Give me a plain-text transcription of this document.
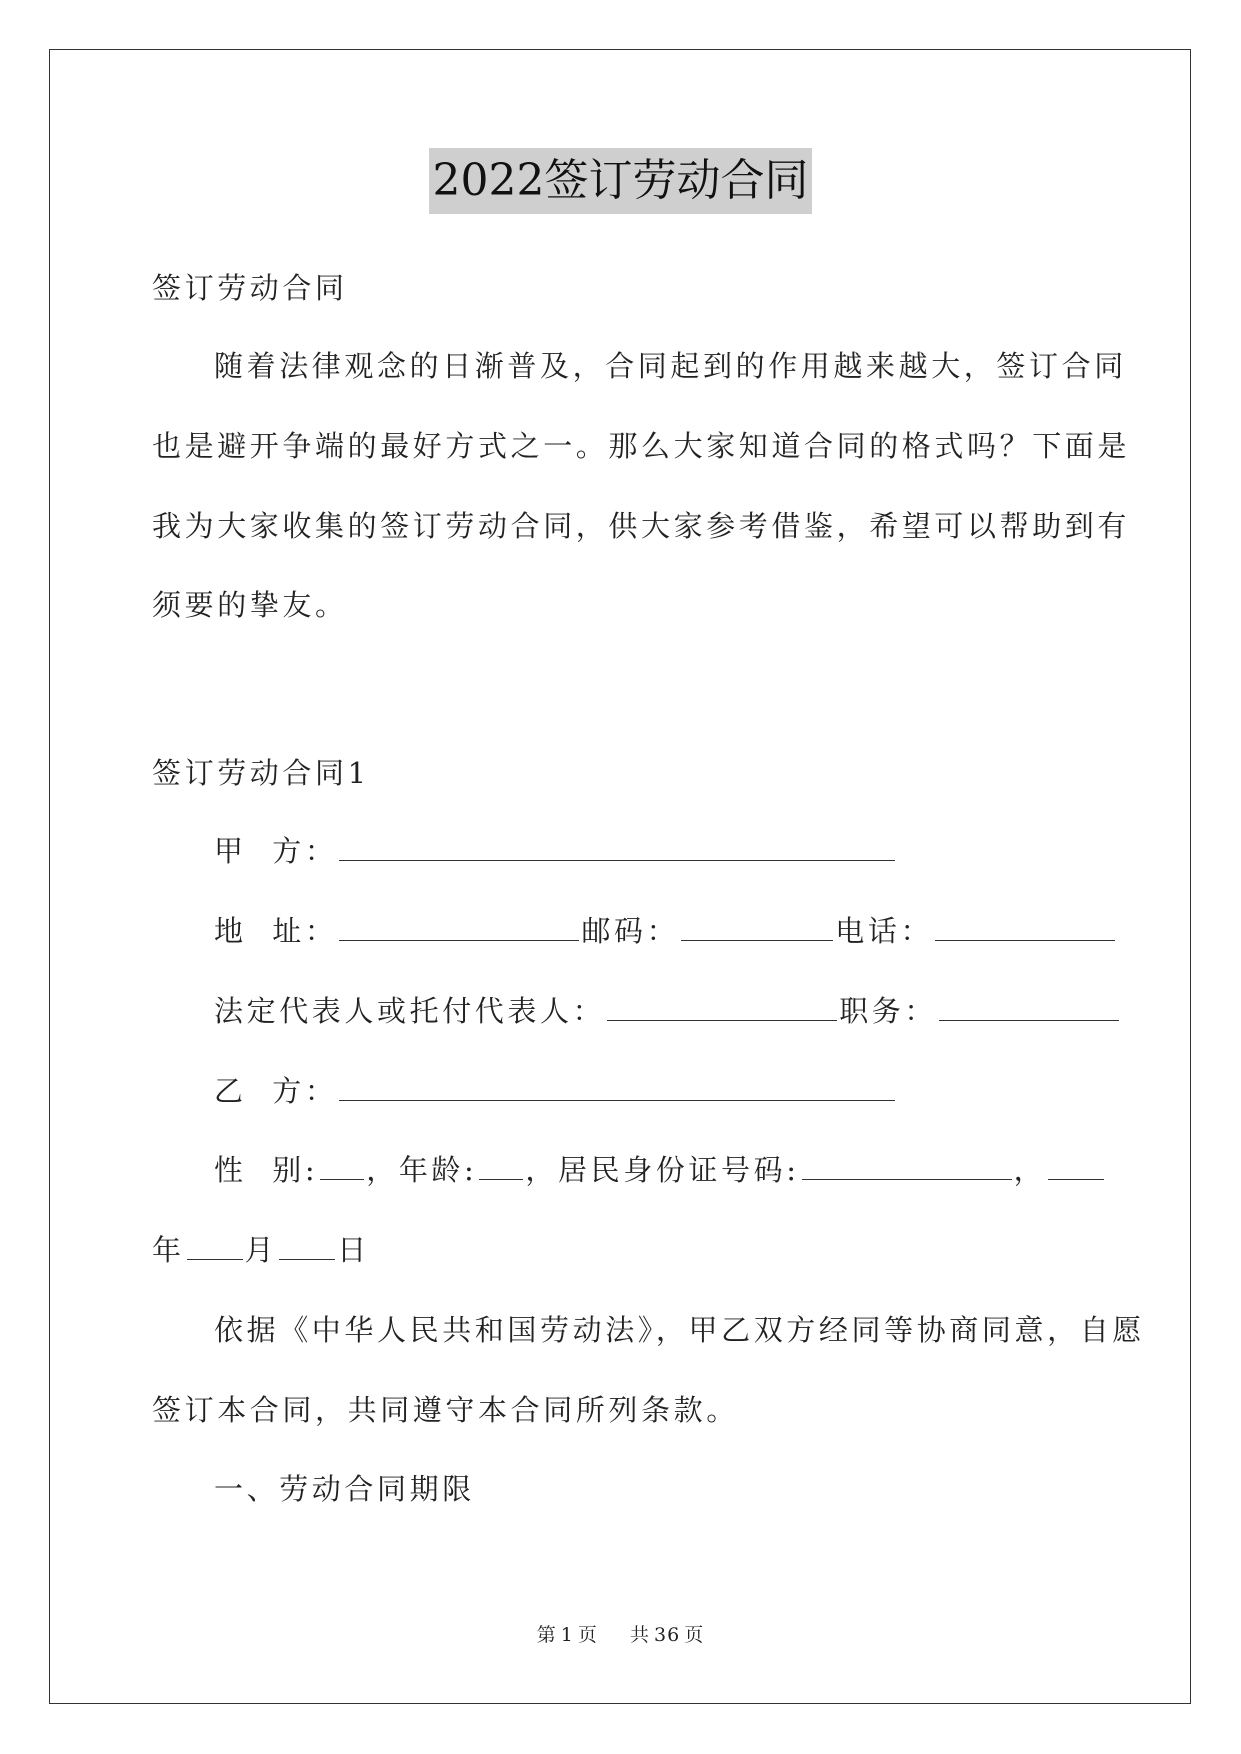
2022签订劳动合同
签订劳动合同
随着法律观念的日渐普及，合同起到的作用越来越大，签订合同
也是避开争端的最好方式之一。那么大家知道合同的格式吗？下面是
我为大家收集的签订劳动合同，供大家参考借鉴，希望可以帮助到有
须要的挚友。
签订劳动合同1
甲  方：
地  址：	邮码：	电话：
法定代表人或托付代表人：	职务：
乙  方：
性  别: ，年龄: ，居民身份证号码:	，
年 月 日
依据《中华人民共和国劳动法》，甲乙双方经同等协商同意，自愿
签订本合同，共同遵守本合同所列条款。
一、劳动合同期限
第 1 页 共 36 页
